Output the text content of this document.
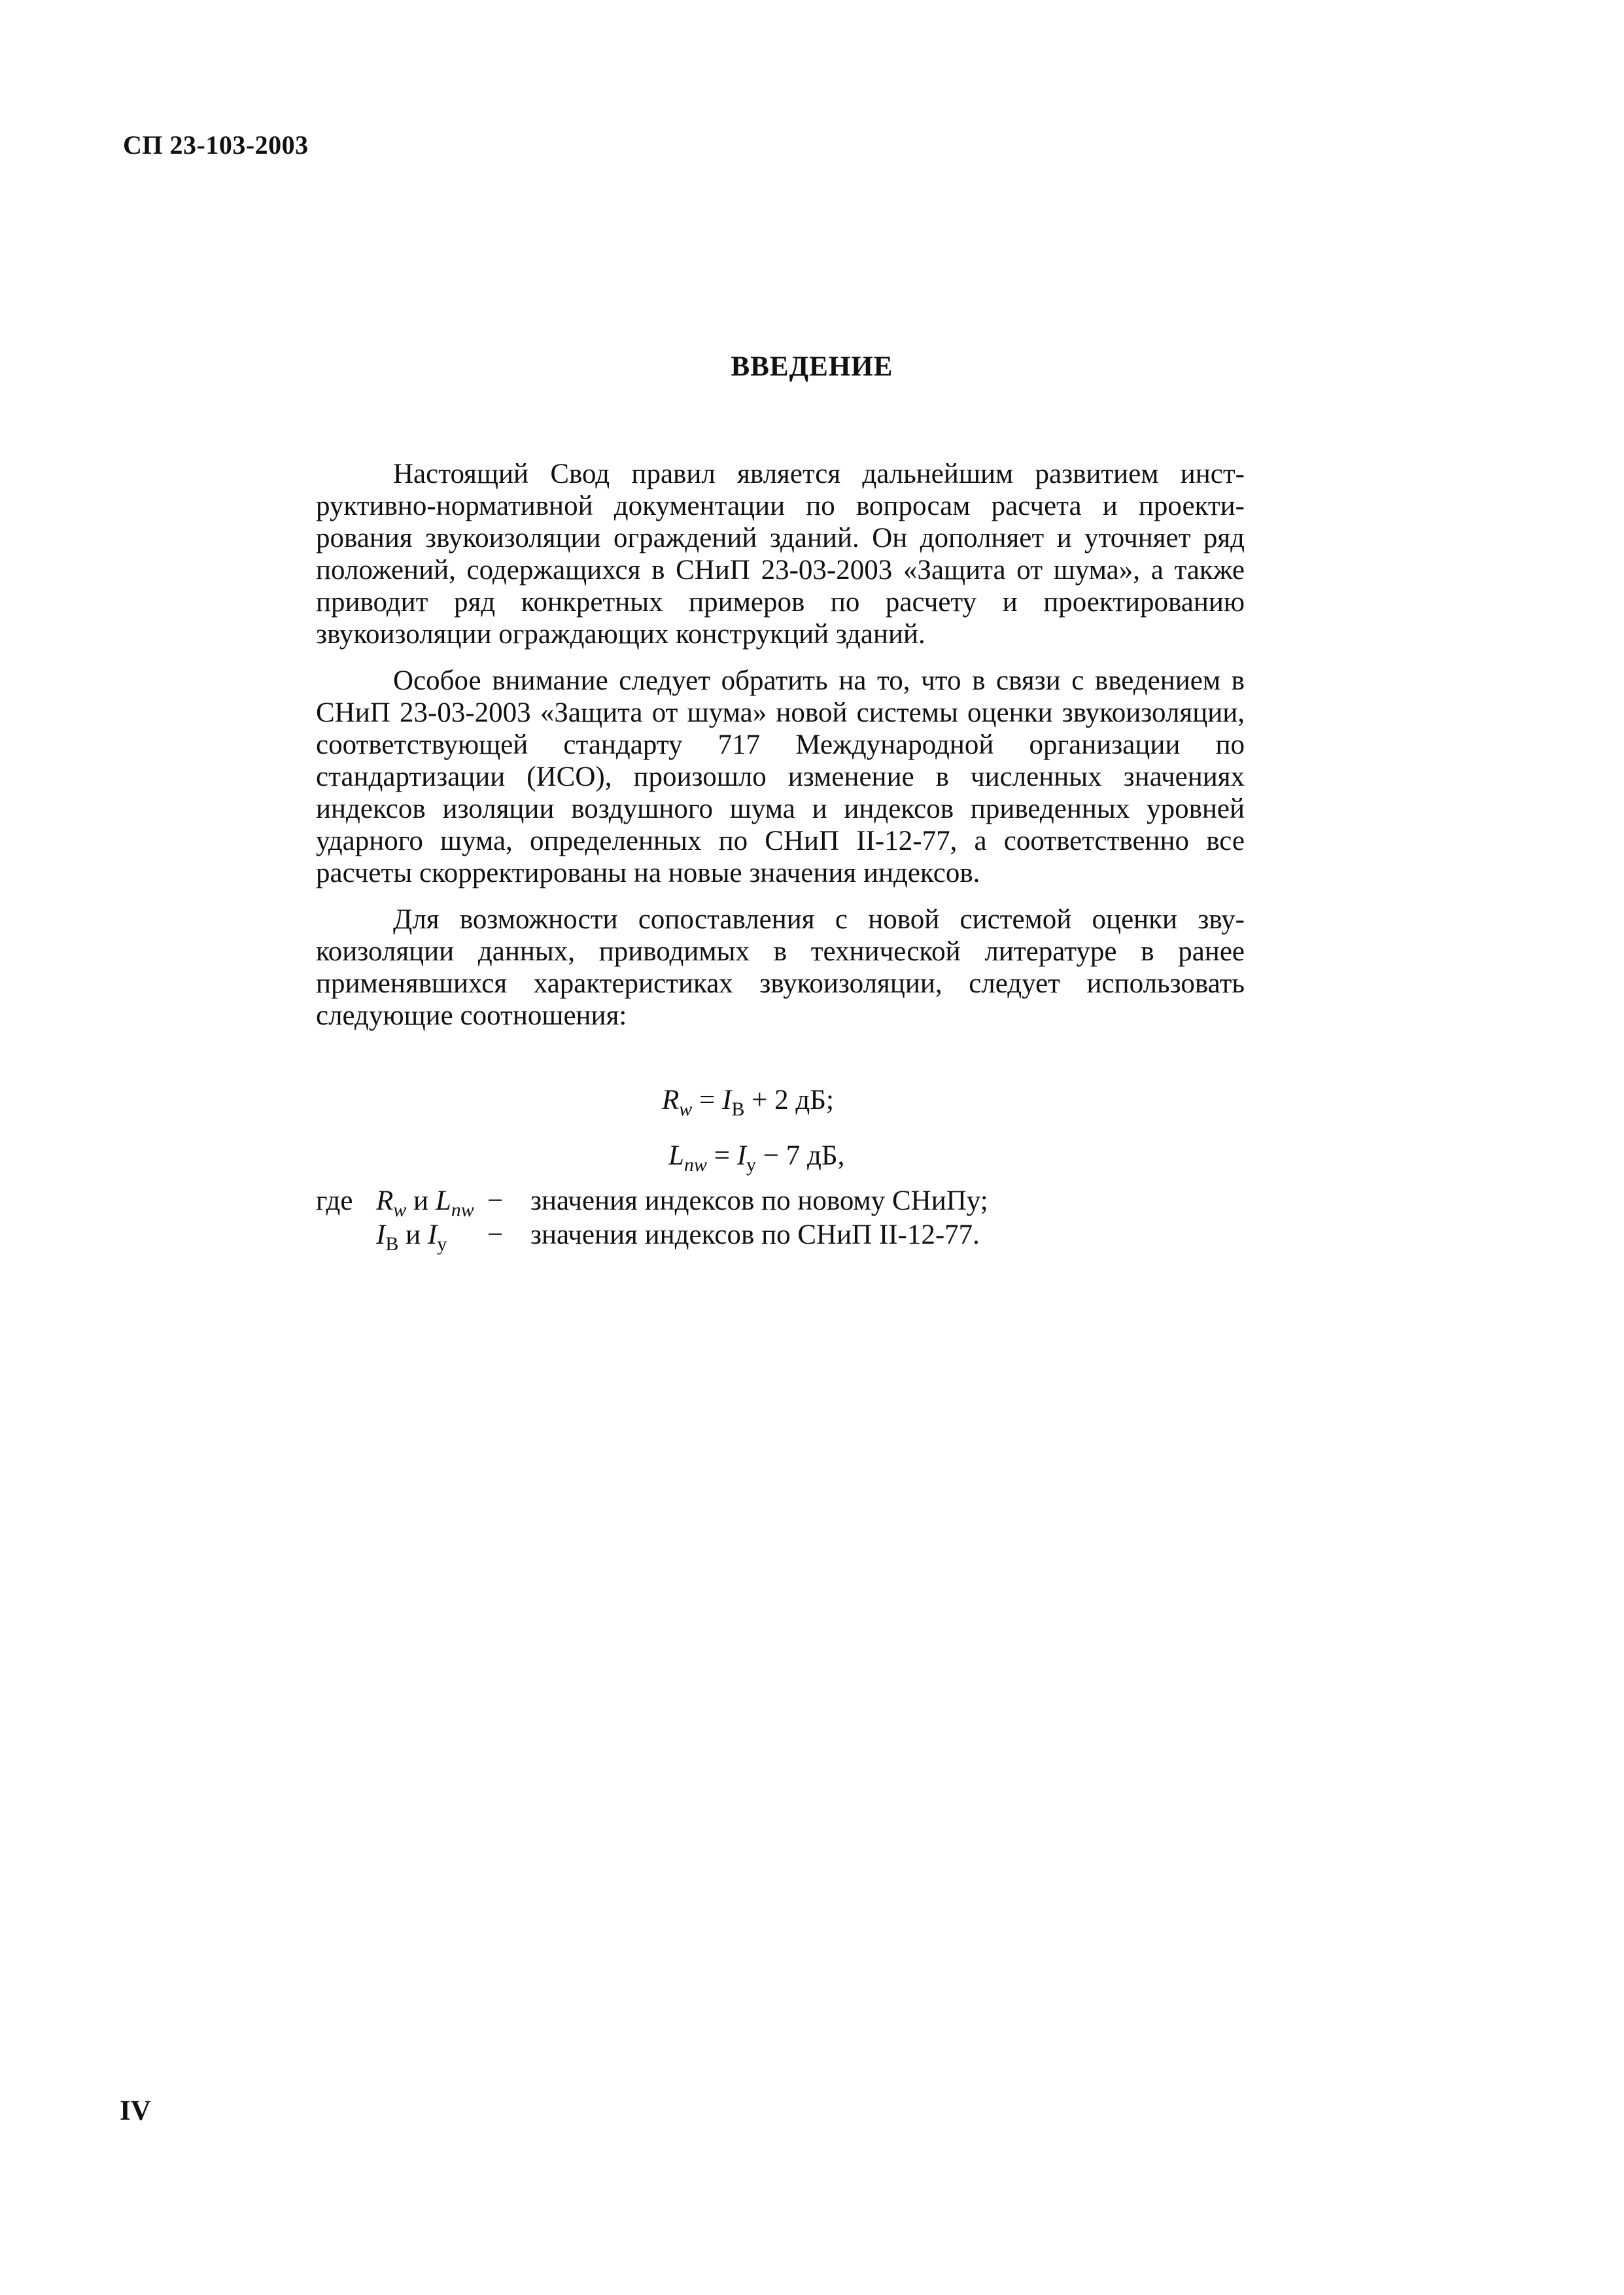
СП 23-103-2003
ВВЕДЕНИЕ

Настоящий Свод правил является дальнейшим развитием инструктивно-нормативной документации по вопросам расчета и проектирования звукоизоляции ограждений зданий. Он дополняет и уточняет ряд положений, содержащихся в СНиП 23-03-2003 «Защита от шума», а также приводит ряд конкретных примеров по расчету и проектированию звукоизоляции ограждающих конструкций зданий.

Особое внимание следует обратить на то, что в связи с введением в СНиП 23-03-2003 «Защита от шума» новой системы оценки звукоизоляции, соответствующей стандарту 717 Международной организации по стандартизации (ИСО), произошло изменение в численных значениях индексов изоляции воздушного шума и индексов приведенных уровней ударного шума, определенных по СНиП II-12-77, а соответственно все расчеты скорректированы на новые значения индексов.

Для возможности сопоставления с новой системой оценки звукоизоляции данных, приводимых в технической литературе в ранее применявшихся характеристиках звукоизоляции, следует использовать следующие соотношения:

$R_w = I_В + 2$ дБ;
$L_{nw} = I_у - 7$ дБ,
где $R_w$ и $L_{nw}$ − значения индексов по новому СНиПу;
$I_В$ и $I_у$ − значения индексов по СНиП II-12-77.
IV
